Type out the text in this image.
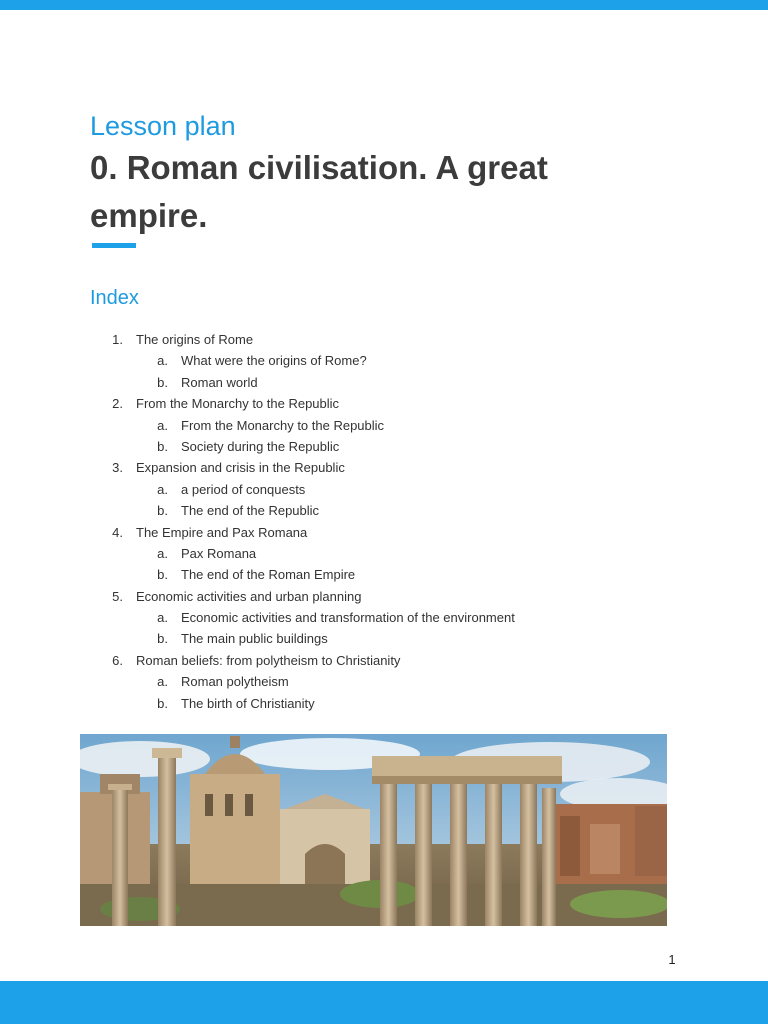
Lesson plan
0. Roman civilisation. A great empire.
Index
1. The origins of Rome
a. What were the origins of Rome?
b. Roman world
2. From the Monarchy to the Republic
a. From the Monarchy to the Republic
b. Society during the Republic
3. Expansion and crisis in the Republic
a. a period of conquests
b. The end of the Republic
4. The Empire and Pax Romana
a. Pax Romana
b. The end of the Roman Empire
5. Economic activities and urban planning
a. Economic activities and transformation of the environment
b. The main public buildings
6. Roman beliefs: from polytheism to Christianity
a. Roman polytheism
b. The birth of Christianity
1
